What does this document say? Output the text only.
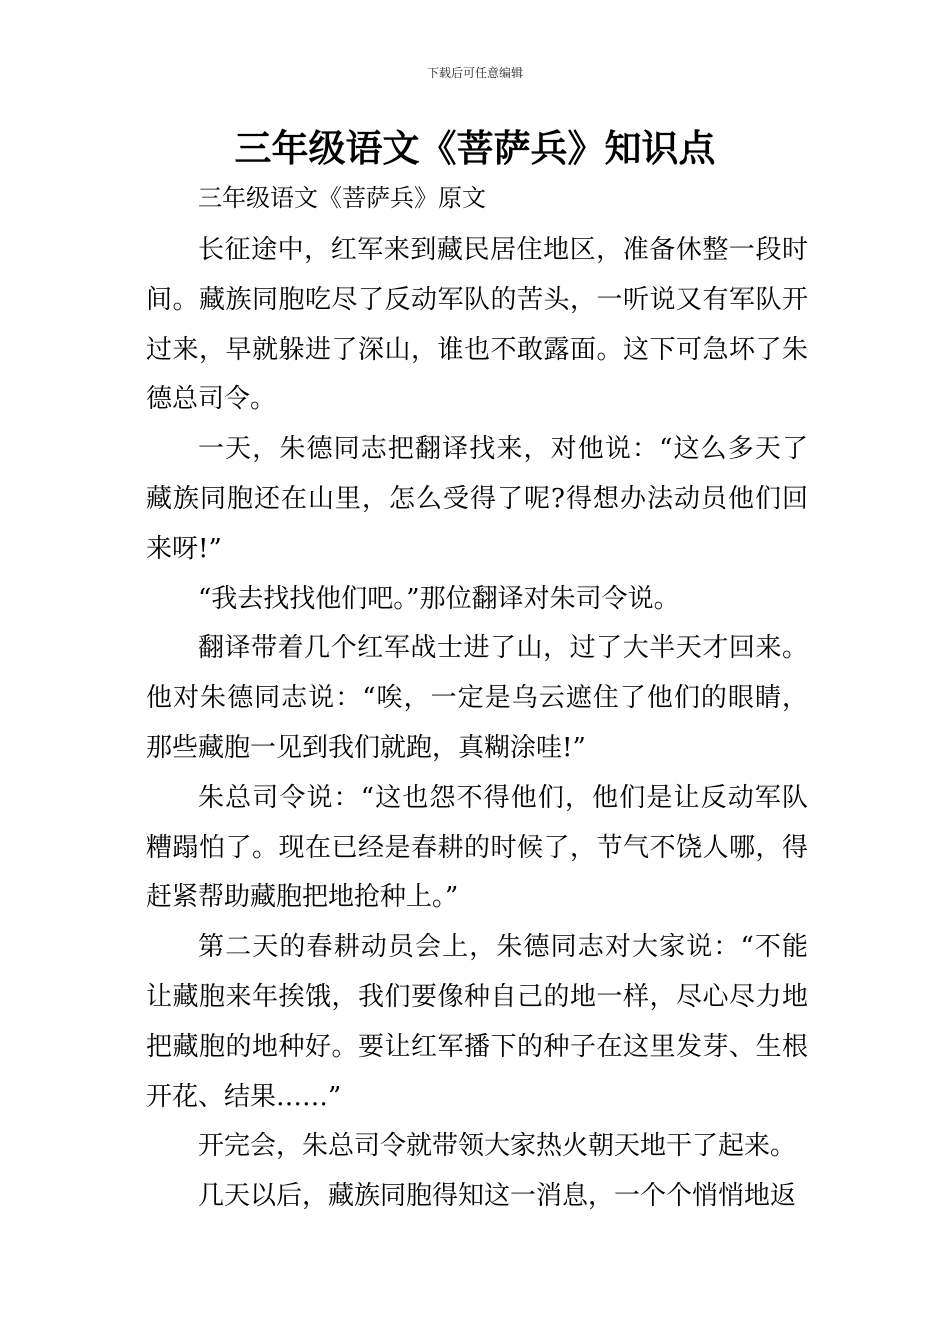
下载后可任意编辑
三年级语文《菩萨兵》知识点

三年级语文《菩萨兵》原文

长征途中，红军来到藏民居住地区，准备休整一段时间。藏族同胞吃尽了反动军队的苦头，一听说又有军队开过来，早就躲进了深山，谁也不敢露面。这下可急坏了朱德总司令。

一天，朱德同志把翻译找来，对他说：“这么多天了藏族同胞还在山里，怎么受得了呢?得想办法动员他们回来呀!”

“我去找找他们吧。”那位翻译对朱司令说。

翻译带着几个红军战士进了山，过了大半天才回来。他对朱德同志说：“唉，一定是乌云遮住了他们的眼睛，那些藏胞一见到我们就跑，真糊涂哇!”

朱总司令说：“这也怨不得他们，他们是让反动军队糟蹋怕了。现在已经是春耕的时候了，节气不饶人哪，得赶紧帮助藏胞把地抢种上。”

第二天的春耕动员会上，朱德同志对大家说：“不能让藏胞来年挨饿，我们要像种自己的地一样，尽心尽力地把藏胞的地种好。要让红军播下的种子在这里发芽、生根开花、结果……”

开完会，朱总司令就带领大家热火朝天地干了起来。

几天以后，藏族同胞得知这一消息，一个个悄悄地返
